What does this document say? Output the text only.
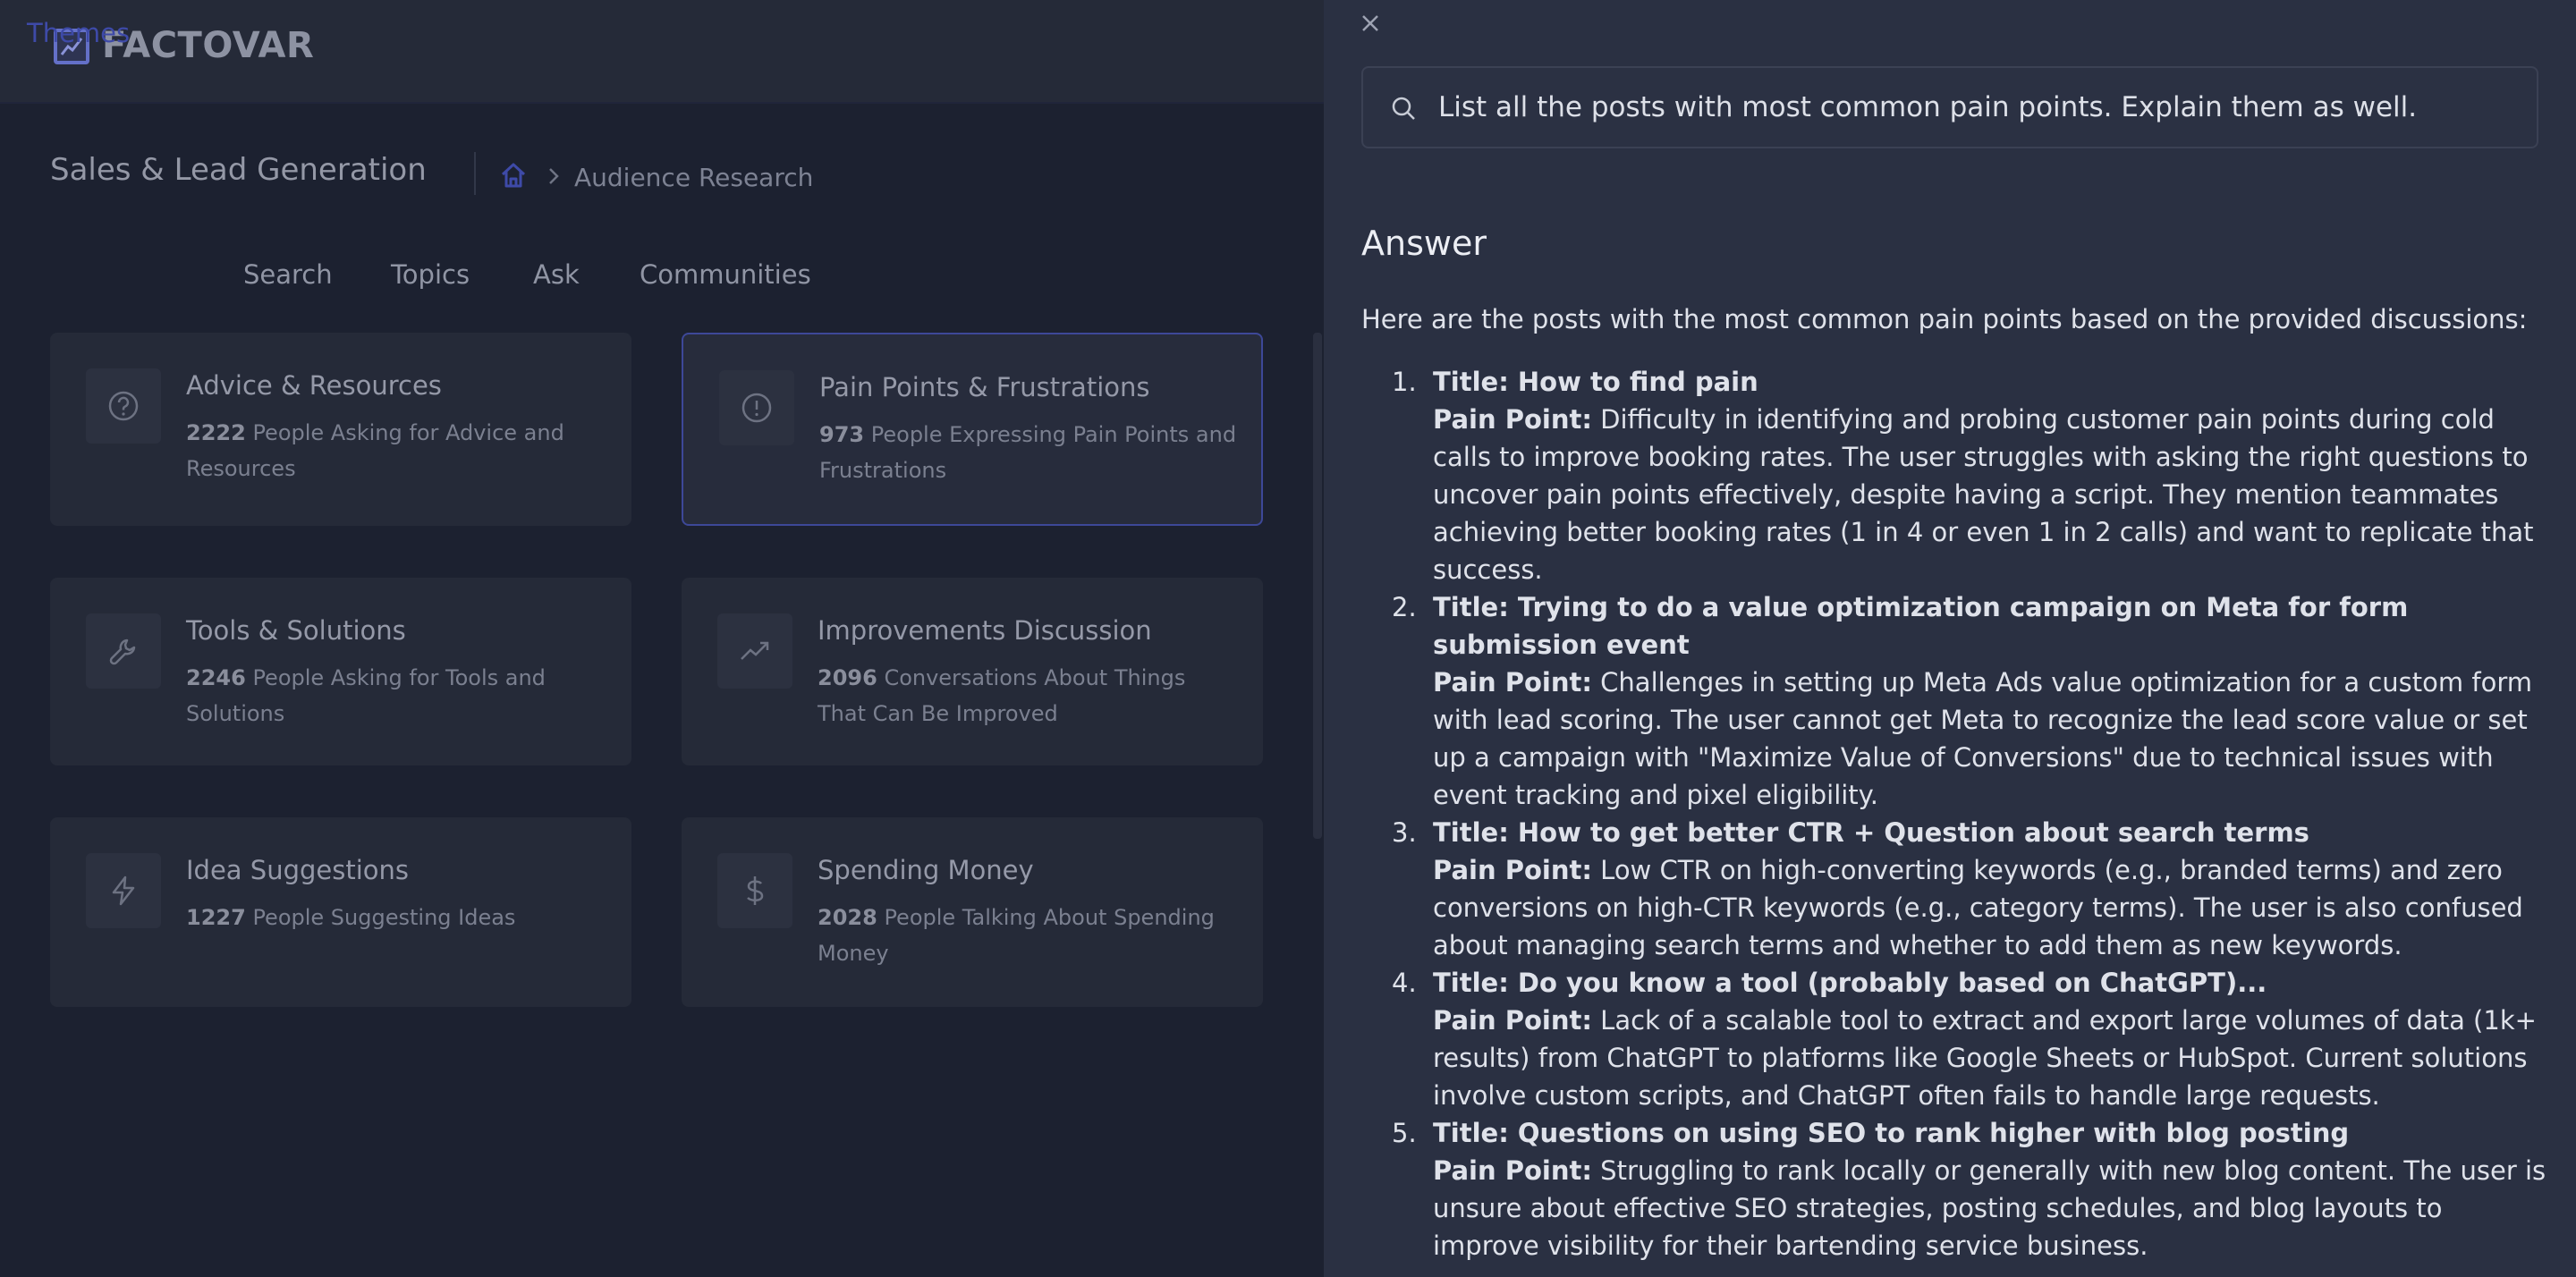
FACTOVAR
Sales & Lead Generation	Audience Research
Themes
Search Topics Ask Communities
Advice & Resources
2222 People Asking for Advice and Resources
Pain Points & Frustrations
973 People Expressing Pain Points and Frustrations
Tools & Solutions
2246 People Asking for Tools and Solutions
Improvements Discussion
2096 Conversations About Things That Can Be Improved
Idea Suggestions
1227 People Suggesting Ideas
Spending Money
2028 People Talking About Spending Money
List all the posts with most common pain points. Explain them as well.
Answer
Here are the posts with the most common pain points based on the provided discussions:
1. Title: How to find pain
Pain Point: Difficulty in identifying and probing customer pain points during cold calls to improve booking rates. The user struggles with asking the right questions to uncover pain points effectively, despite having a script. They mention teammates achieving better booking rates (1 in 4 or even 1 in 2 calls) and want to replicate that success.
2. Title: Trying to do a value optimization campaign on Meta for form submission event
Pain Point: Challenges in setting up Meta Ads value optimization for a custom form with lead scoring. The user cannot get Meta to recognize the lead score value or set up a campaign with "Maximize Value of Conversions" due to technical issues with event tracking and pixel eligibility.
3. Title: How to get better CTR + Question about search terms
Pain Point: Low CTR on high-converting keywords (e.g., branded terms) and zero conversions on high-CTR keywords (e.g., category terms). The user is also confused about managing search terms and whether to add them as new keywords.
4. Title: Do you know a tool (probably based on ChatGPT)...
Pain Point: Lack of a scalable tool to extract and export large volumes of data (1k+ results) from ChatGPT to platforms like Google Sheets or HubSpot. Current solutions involve custom scripts, and ChatGPT often fails to handle large requests.
5. Title: Questions on using SEO to rank higher with blog posting
Pain Point: Struggling to rank locally or generally with new blog content. The user is unsure about effective SEO strategies, posting schedules, and blog layouts to improve visibility for their bartending service business.
